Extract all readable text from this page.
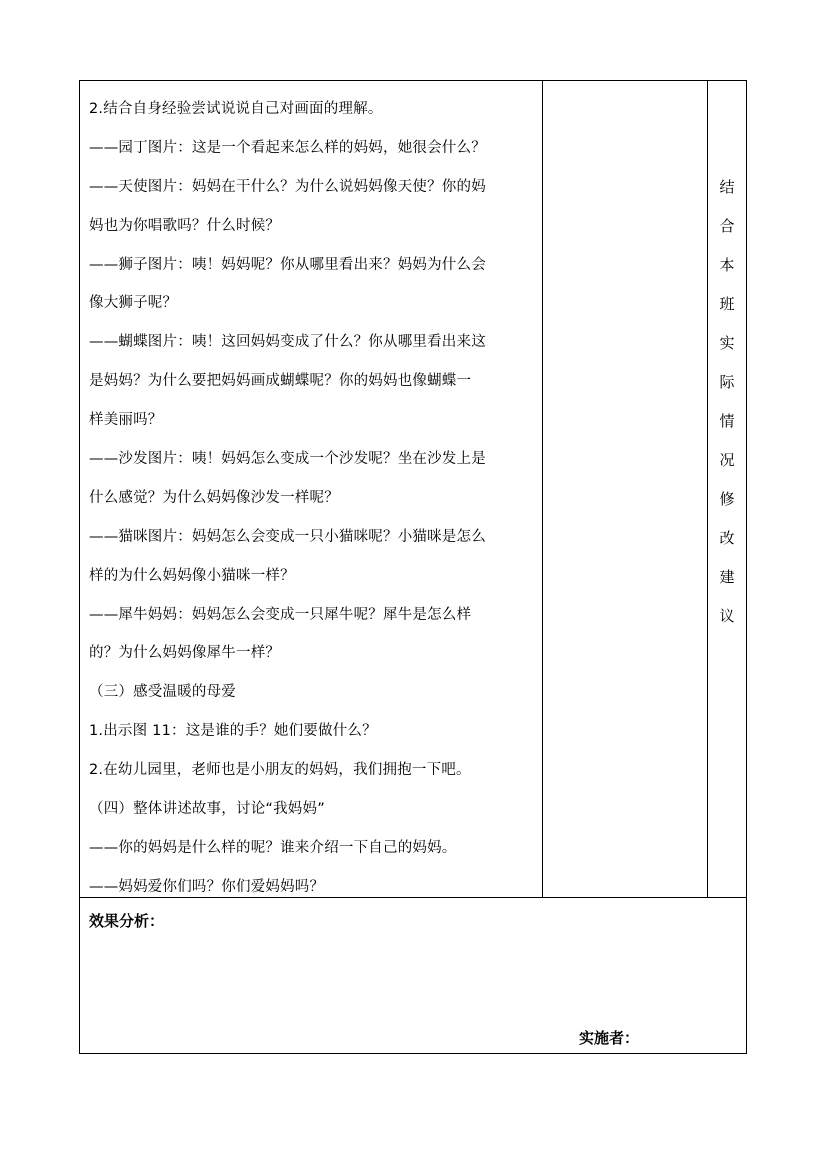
2.结合自身经验尝试说说自己对画面的理解。
——园丁图片：这是一个看起来怎么样的妈妈，她很会什么？
——天使图片：妈妈在干什么？为什么说妈妈像天使？你的妈
妈也为你唱歌吗？什么时候？
——狮子图片：咦！妈妈呢？你从哪里看出来？妈妈为什么会
像大狮子呢？
——蝴蝶图片：咦！这回妈妈变成了什么？你从哪里看出来这
是妈妈？为什么要把妈妈画成蝴蝶呢？你的妈妈也像蝴蝶一
样美丽吗？
——沙发图片：咦！妈妈怎么变成一个沙发呢？坐在沙发上是
什么感觉？为什么妈妈像沙发一样呢？
——猫咪图片：妈妈怎么会变成一只小猫咪呢？小猫咪是怎么
样的为什么妈妈像小猫咪一样？
——犀牛妈妈：妈妈怎么会变成一只犀牛呢？犀牛是怎么样
的？为什么妈妈像犀牛一样？
（三）感受温暖的母爱
1.出示图 11：这是谁的手？她们要做什么？
2.在幼儿园里，老师也是小朋友的妈妈，我们拥抱一下吧。
（四）整体讲述故事，讨论“我妈妈”
——你的妈妈是什么样的呢？谁来介绍一下自己的妈妈。
——妈妈爱你们吗？你们爱妈妈吗？
结
合
本
班
实
际
情
况
修
改
建
议
效果分析：
实施者：
